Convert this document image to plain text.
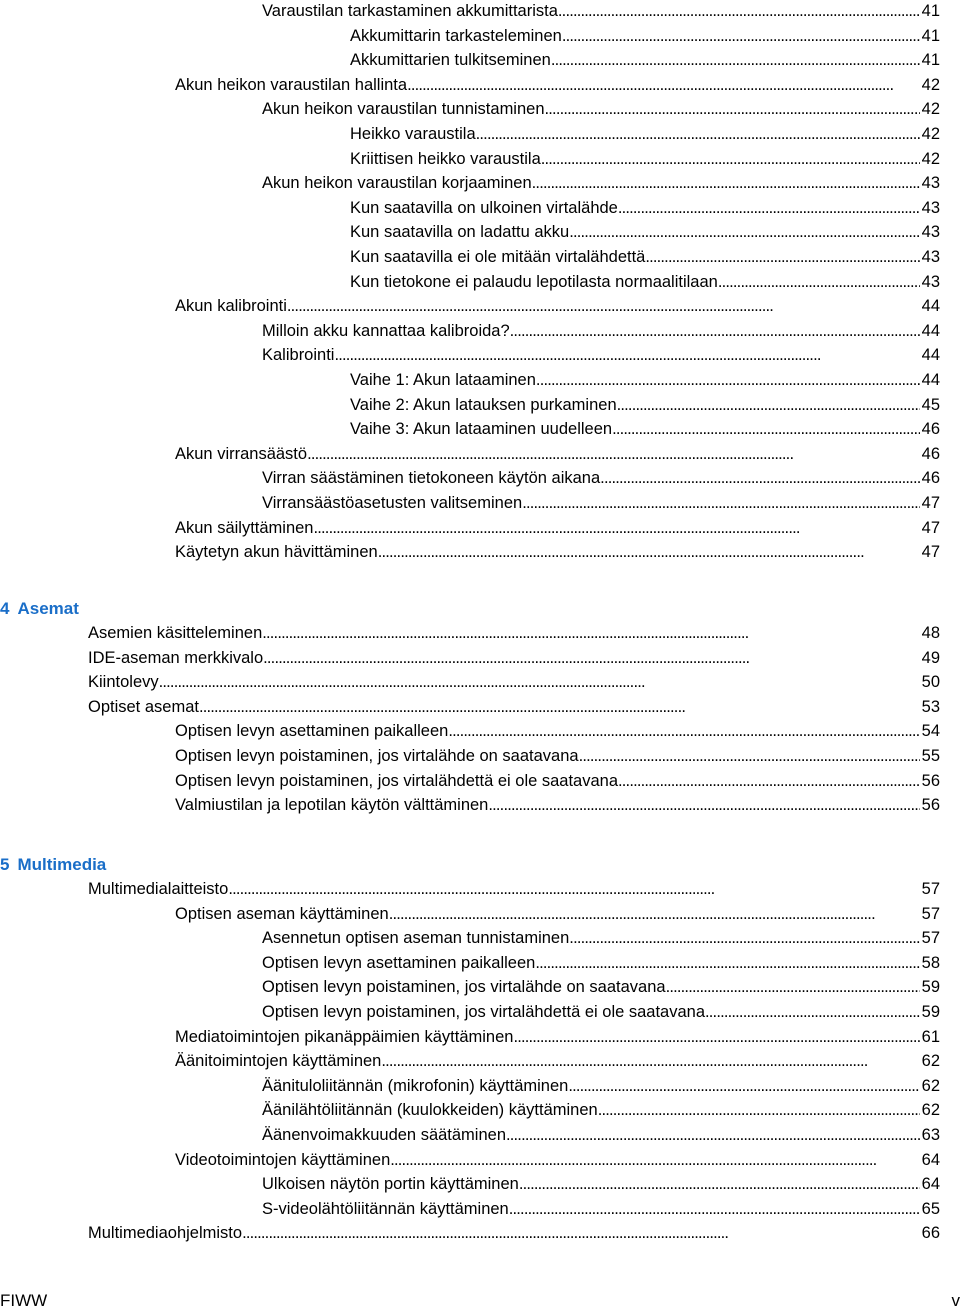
Varaustilan tarkastaminen akkumittarista . . .	41
Akkumittarin tarkasteleminen . . .	41
Akkumittarien tulkitseminen . . .	41
Akun heikon varaustilan hallinta . . .	42
Akun heikon varaustilan tunnistaminen . . .	42
Heikko varaustila . . .	42
Kriittisen heikko varaustila . . .	42
Akun heikon varaustilan korjaaminen . . .	43
Kun saatavilla on ulkoinen virtalähde . . .	43
Kun saatavilla on ladattu akku . . .	43
Kun saatavilla ei ole mitään virtalähdettä . . .	43
Kun tietokone ei palaudu lepotilasta normaalitilaan . . .	43
Akun kalibrointi . . .	44
Milloin akku kannattaa kalibroida? . . .	44
Kalibrointi . . .	44
Vaihe 1: Akun lataaminen . . .	44
Vaihe 2: Akun latauksen purkaminen . . .	45
Vaihe 3: Akun lataaminen uudelleen . . .	46
Akun virransäästö . . .	46
Virran säästäminen tietokoneen käytön aikana . . .	46
Virransäästöasetusten valitseminen . . .	47
Akun säilyttäminen . . .	47
Käytetyn akun hävittäminen . . .	47
4 Asemat
Asemien käsitteleminen . . .	48
IDE-aseman merkkivalo . . .	49
Kiintolevy . . .	50
Optiset asemat . . .	53
Optisen levyn asettaminen paikalleen . . .	54
Optisen levyn poistaminen, jos virtalähde on saatavana . . .	55
Optisen levyn poistaminen, jos virtalähdettä ei ole saatavana . . .	56
Valmiustilan ja lepotilan käytön välttäminen . . .	56
5 Multimedia
Multimedialaitteisto . . .	57
Optisen aseman käyttäminen . . .	57
Asennetun optisen aseman tunnistaminen . . .	57
Optisen levyn asettaminen paikalleen . . .	58
Optisen levyn poistaminen, jos virtalähde on saatavana . . .	59
Optisen levyn poistaminen, jos virtalähdettä ei ole saatavana . . .	59
Mediatoimintojen pikanäppäimien käyttäminen . . .	61
Äänitoimintojen käyttäminen . . .	62
Äänituloliitännän (mikrofonin) käyttäminen . . .	62
Äänilähtöliitännän (kuulokkeiden) käyttäminen . . .	62
Äänenvoimakkuuden säätäminen . . .	63
Videotoimintojen käyttäminen . . .	64
Ulkoisen näytön portin käyttäminen . . .	64
S-videolähtöliitännän käyttäminen . . .	65
Multimediaohjelmisto . . .	66
FIWW	v
